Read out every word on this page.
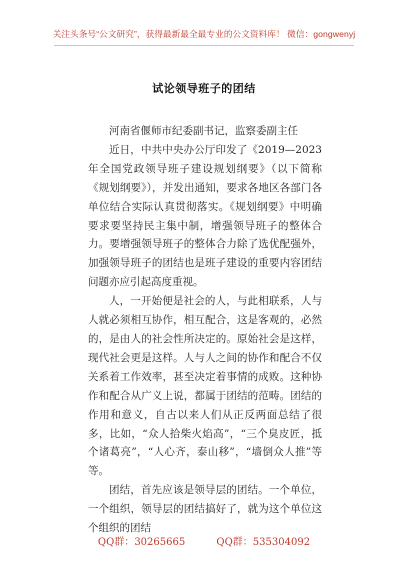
关注头条号“公文研究”，获得最新最全最专业的公文资料库！ 微信：gongwenyj
试论领导班子的团结

河南省偃师市纪委副书记，监察委副主任

近日，中共中央办公厅印发了《2019—2023年全国党政领导班子建设规划纲要》（以下简称《规划纲要》），并发出通知，要求各地区各部门各单位结合实际认真贯彻落实。《规划纲要》中明确要求要坚持民主集中制，增强领导班子的整体合力。要增强领导班子的整体合力除了选优配强外，加强领导班子的团结也是班子建设的重要内容团结问题亦应引起高度重视。

人，一开始便是社会的人，与此相联系，人与人就必须相互协作，相互配合，这是客观的，必然的，是由人的社会性所决定的。原始社会是这样，现代社会更是这样。人与人之间的协作和配合不仅关系着工作效率，甚至决定着事情的成败。这种协作和配合从广义上说，都属于团结的范畴。团结的作用和意义，自古以来人们从正反两面总结了很多，比如，“众人拾柴火焰高”，“三个臭皮匠，抵个诸葛亮”，“人心齐，泰山移”，“墙倒众人推”等等。

团结，首先应该是领导层的团结。一个单位，一个组织，领导层的团结搞好了，就为这个单位这个组织的团结

QQ群：30265665	QQ群：535304092
